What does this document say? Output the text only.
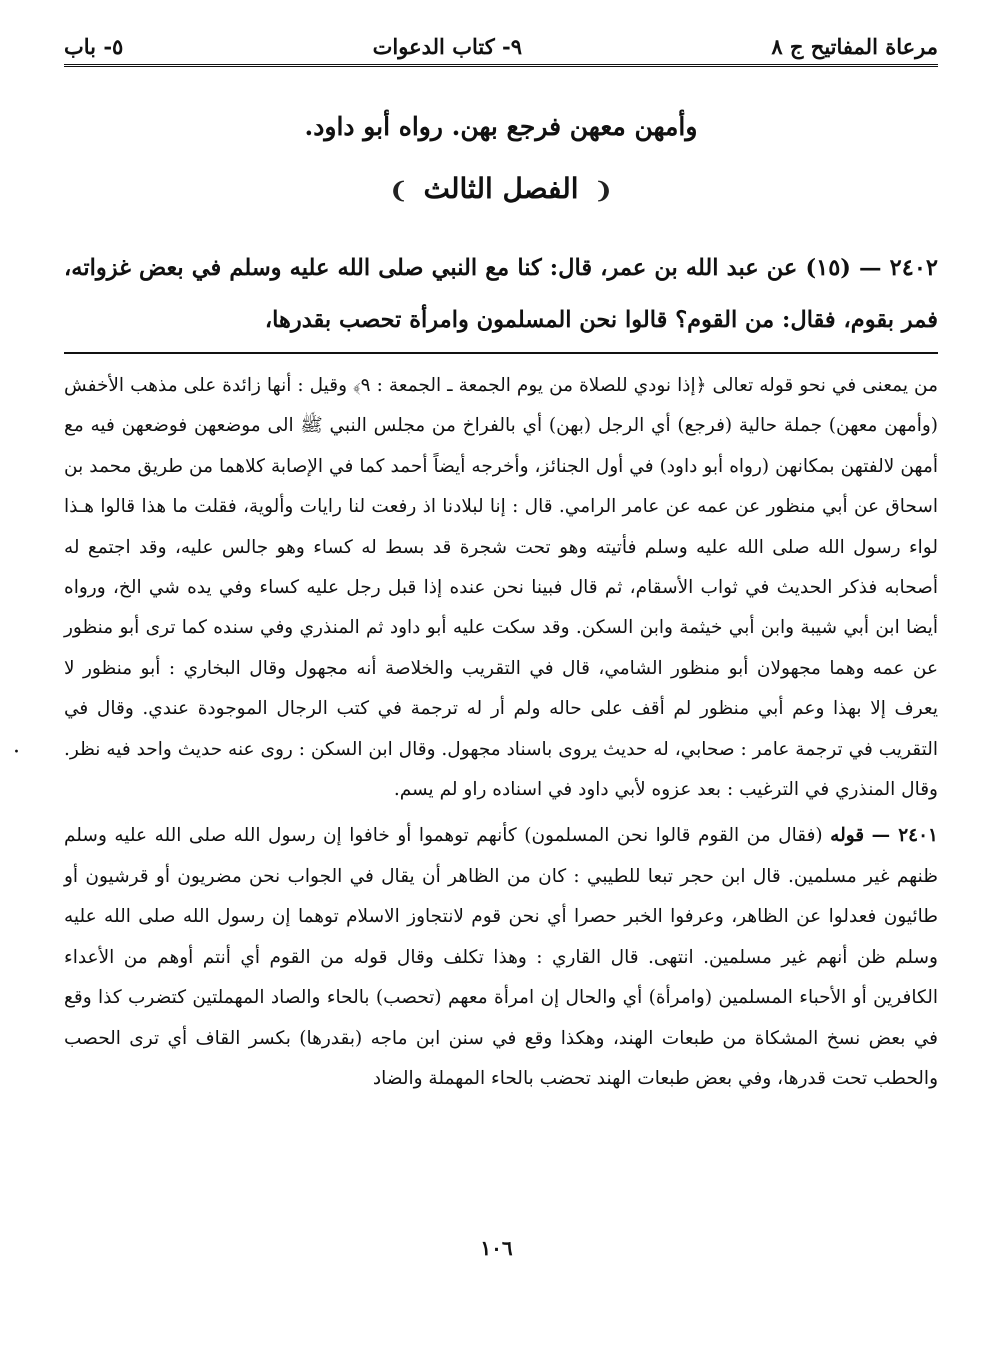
مرعاة المفاتيح ج ٨
٩- كتاب الدعوات
٥- باب
وأمهن معهن فرجع بهن. رواه أبو داود.
❨ الفصل الثالث ❩
٢٤٠٢ — (١٥) عن عبد الله بن عمر، قال: كنا مع النبي صلى الله عليه وسلم في بعض غزواته، فمر بقوم، فقال: من القوم؟ قالوا نحن المسلمون وامرأة تحصب بقدرها،

من يمعنى في نحو قوله تعالى ﴿إذا نودي للصلاة من يوم الجمعة ـ الجمعة : ٩﴾ وقيل : أنها زائدة على مذهب الأخفش (وأمهن معهن) جملة حالية (فرجع) أي الرجل (بهن) أي بالفراخ من مجلس النبي ﷺ الى موضعهن فوضعهن فيه مع أمهن لالفتهن بمكانهن (رواه أبو داود) في أول الجنائز، وأخرجه أيضاً أحمد كما في الإصابة كلاهما من طريق محمد بن اسحاق عن أبي منظور عن عمه عن عامر الرامي. قال : إنا لبلادنا اذ رفعت لنا رايات وألوية، فقلت ما هذا قالوا هـذا لواء رسول الله صلى الله عليه وسلم فأتيته وهو تحت شجرة قد بسط له كساء وهو جالس عليه، وقد اجتمع له أصحابه فذكر الحديث في ثواب الأسقام، ثم قال فبينا نحن عنده إذا قبل رجل عليه كساء وفي يده شي الخ، ورواه أيضا ابن أبي شيبة وابن أبي خيثمة وابن السكن. وقد سكت عليه أبو داود ثم المنذري وفي سنده كما ترى أبو منظور عن عمه وهما مجهولان أبو منظور الشامي، قال في التقريب والخلاصة أنه مجهول وقال البخاري : أبو منظور لا يعرف إلا بهذا وعم أبي منظور لم أقف على حاله ولم أر له ترجمة في كتب الرجال الموجودة عندي. وقال في التقريب في ترجمة عامر : صحابي، له حديث يروى باسناد مجهول. وقال ابن السكن : روى عنه حديث واحد فيه نظر. وقال المنذري في الترغيب : بعد عزوه لأبي داود في اسناده راو لم يسم.

٢٤٠١ — قوله (فقال من القوم قالوا نحن المسلمون) كأنهم توهموا أو خافوا إن رسول الله صلى الله عليه وسلم ظنهم غير مسلمين. قال ابن حجر تبعا للطيبي : كان من الظاهر أن يقال في الجواب نحن مضريون أو قرشيون أو طائيون فعدلوا عن الظاهر، وعرفوا الخبر حصرا أي نحن قوم لانتجاوز الاسلام توهما إن رسول الله صلى الله عليه وسلم ظن أنهم غير مسلمين. انتهى. قال القاري : وهذا تكلف وقال قوله من القوم أي أنتم أوهم من الأعداء الكافرين أو الأحباء المسلمين (وامرأة) أي والحال إن امرأة معهم (تحصب) بالحاء والصاد المهملتين كتضرب كذا وقع في بعض نسخ المشكاة من طبعات الهند، وهكذا وقع في سنن ابن ماجه (بقدرها) بكسر القاف أي ترى الحصب والحطب تحت قدرها، وفي بعض طبعات الهند تحضب بالحاء المهملة والضاد

·
١٠٦
